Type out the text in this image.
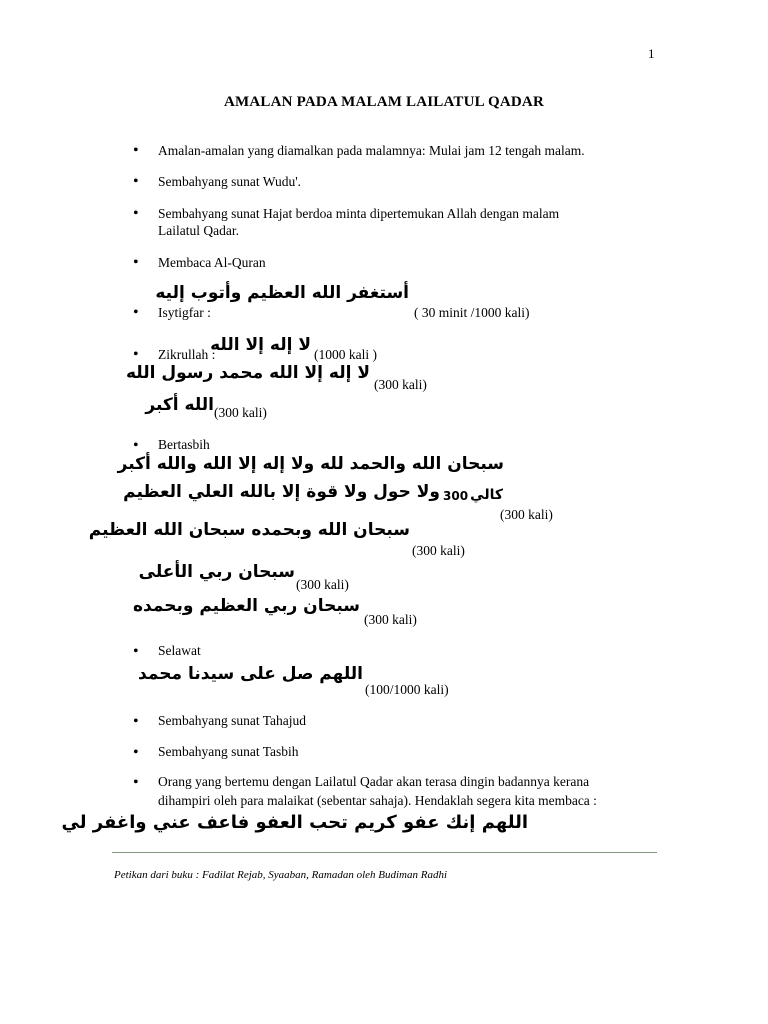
1
AMALAN PADA MALAM LAILATUL QADAR
• Amalan-amalan yang diamalkan pada malamnya: Mulai jam 12 tengah malam.
• Sembahyang sunat Wudu'.
• Sembahyang sunat Hajat berdoa minta dipertemukan Allah dengan malam
Lailatul Qadar.
• Membaca Al-Quran
• Isytigfar :
أستغفر الله العظيم وأتوب إليه
( 30 minit /1000 kali)
• Zikrullah :
لا إله إلا الله (1000 kali )
لا إله إلا الله محمد رسول الله
(300 kali)
الله أكبر (300 kali)
• Bertasbih
سبحان الله والحمد لله ولا إله إلا الله والله أكبر
كالي
300
ولا حول ولا قوة إلا بالله العلي العظيم
(300 kali)
سبحان الله وبحمده سبحان الله العظيم
(300 kali)
سبحان ربي الأعلى
(300 kali)
سبحان ربي العظيم وبحمده
(300 kali)
• Selawat
اللهم صل على سيدنا محمد
(100/1000 kali)
• Sembahyang sunat Tahajud
• Sembahyang sunat Tasbih
• Orang yang bertemu dengan Lailatul Qadar akan terasa dingin badannya kerana
dihampiri oleh para malaikat (sebentar sahaja). Hendaklah segera kita membaca :
اللهم إنك عفو كريم تحب العفو فاعف عني واغفر لي
Petikan dari buku : Fadilat Rejab, Syaaban, Ramadan oleh Budiman Radhi
